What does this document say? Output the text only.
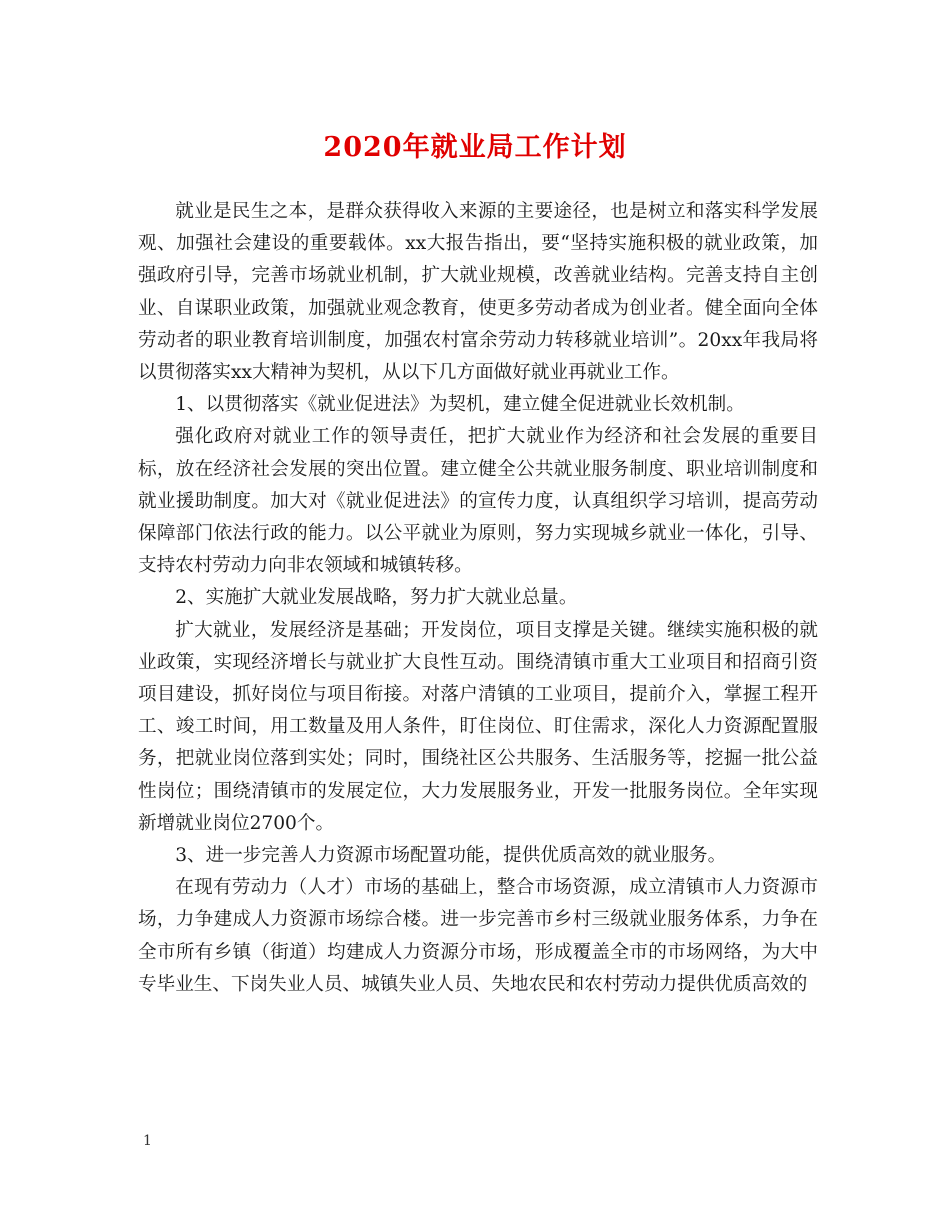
2020年就业局工作计划

就业是民生之本，是群众获得收入来源的主要途径，也是树立和落实科学发展观、加强社会建设的重要载体。xx大报告指出，要“坚持实施积极的就业政策，加强政府引导，完善市场就业机制，扩大就业规模，改善就业结构。完善支持自主创业、自谋职业政策，加强就业观念教育，使更多劳动者成为创业者。健全面向全体劳动者的职业教育培训制度，加强农村富余劳动力转移就业培训”。20xx年我局将以贯彻落实xx大精神为契机，从以下几方面做好就业再就业工作。

1、以贯彻落实《就业促进法》为契机，建立健全促进就业长效机制。

强化政府对就业工作的领导责任，把扩大就业作为经济和社会发展的重要目标，放在经济社会发展的突出位置。建立健全公共就业服务制度、职业培训制度和就业援助制度。加大对《就业促进法》的宣传力度，认真组织学习培训，提高劳动保障部门依法行政的能力。以公平就业为原则，努力实现城乡就业一体化，引导、支持农村劳动力向非农领域和城镇转移。

2、实施扩大就业发展战略，努力扩大就业总量。

扩大就业，发展经济是基础；开发岗位，项目支撑是关键。继续实施积极的就业政策，实现经济增长与就业扩大良性互动。围绕清镇市重大工业项目和招商引资项目建设，抓好岗位与项目衔接。对落户清镇的工业项目，提前介入，掌握工程开工、竣工时间，用工数量及用人条件，盯住岗位、盯住需求，深化人力资源配置服务，把就业岗位落到实处；同时，围绕社区公共服务、生活服务等，挖掘一批公益性岗位；围绕清镇市的发展定位，大力发展服务业，开发一批服务岗位。全年实现新增就业岗位2700个。

3、进一步完善人力资源市场配置功能，提供优质高效的就业服务。

在现有劳动力（人才）市场的基础上，整合市场资源，成立清镇市人力资源市场，力争建成人力资源市场综合楼。进一步完善市乡村三级就业服务体系，力争在全市所有乡镇（街道）均建成人力资源分市场，形成覆盖全市的市场网络，为大中专毕业生、下岗失业人员、城镇失业人员、失地农民和农村劳动力提供优质高效的

1
